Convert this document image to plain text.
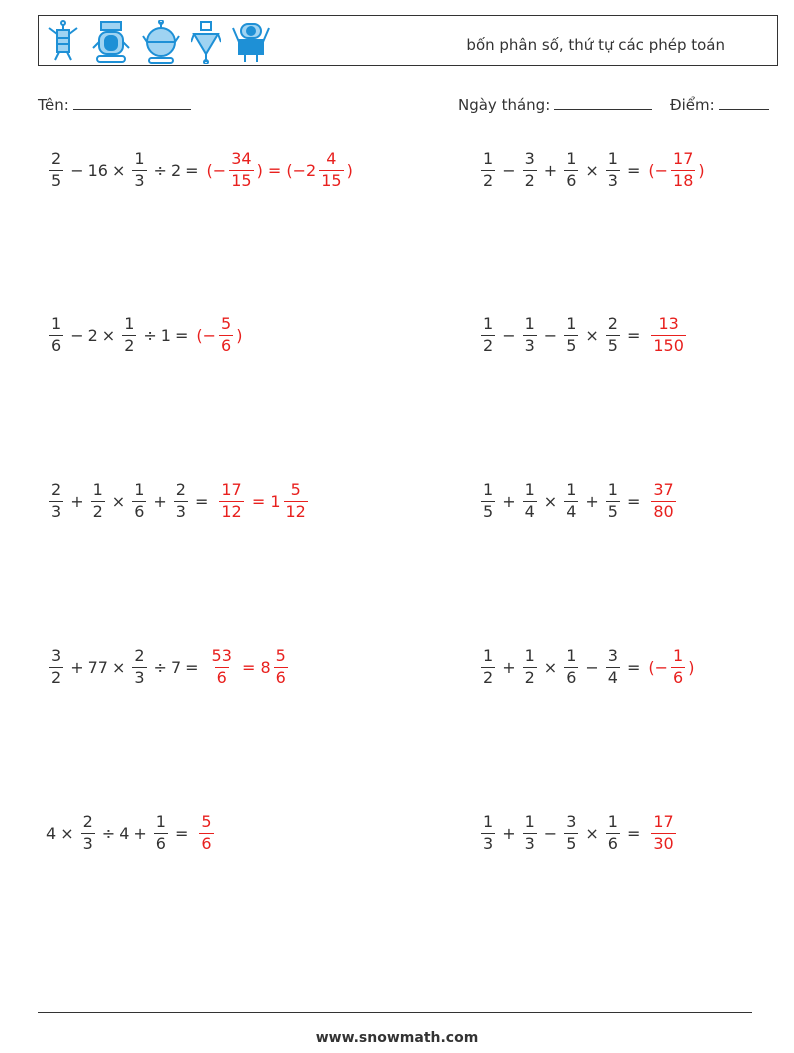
bốn phân số, thứ tự các phép toán
Tên:	Ngày tháng:	Điểm:
$\frac{2}{5} - 16 \times \frac{1}{3} \div 2$ = (− $\frac{34}{15}$ ) = ($-2 \frac{4}{15}$ )	$\frac{1}{2} - \frac{3}{2} + \frac{1}{6} \times \frac{1}{3}$ = (− $\frac{17}{18}$ )
$\frac{1}{6} - 2 \times \frac{1}{2} \div 1$ = (− $\frac{5}{6}$ )	$\frac{1}{2} - \frac{1}{3} - \frac{1}{5} \times \frac{2}{5} = \frac{13}{150}$
$\frac{2}{3} + \frac{1}{2} \times \frac{1}{6} + \frac{2}{3} = \frac{17}{12} = 1 \frac{5}{12}$	$\frac{1}{5} + \frac{1}{4} \times \frac{1}{4} + \frac{1}{5} = \frac{37}{80}$
$\frac{3}{2} + 77 \times \frac{2}{3} \div 7 = \frac{53}{6} = 8 \frac{5}{6}$	$\frac{1}{2} + \frac{1}{2} \times \frac{1}{6} - \frac{3}{4}$ = (− $\frac{1}{6}$ )
$4 \times \frac{2}{3} \div 4 + \frac{1}{6} = \frac{5}{6}$	$\frac{1}{3} + \frac{1}{3} - \frac{3}{5} \times \frac{1}{6} = \frac{17}{30}$
www.snowmath.com
